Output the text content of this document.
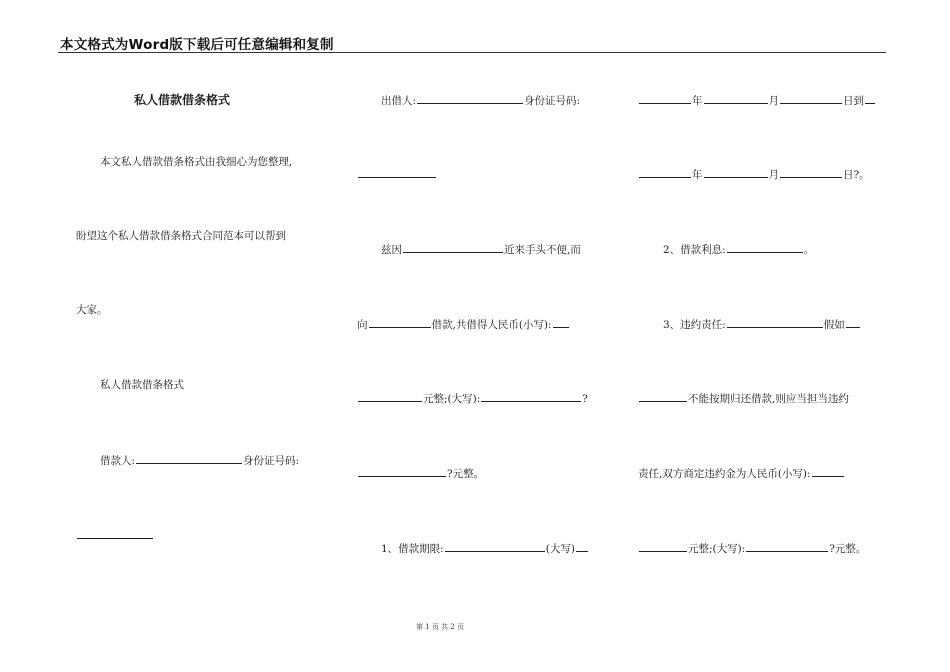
本文格式为Word版下载后可任意编辑和复制
私人借款借条格式
本文私人借款借条格式由我细心为您整理,
盼望这个私人借款借条格式合同范本可以帮到
大家。
私人借款借条格式
借款人:	身份证号码:
出借人:	身份证号码:
兹因	近来手头不便,而
向	借款,共借得人民币(小写):
元整;(大写):	?
?元整。
1、借款期限:	(大写)
年	月	日到
年	月	日?。
2、借款利息:	。
3、违约责任:	假如
不能按期归还借款,则应当担当违约
责任,双方商定违约金为人民币(小写):
元整;(大写):	?元整。
第 1 页 共 2 页
